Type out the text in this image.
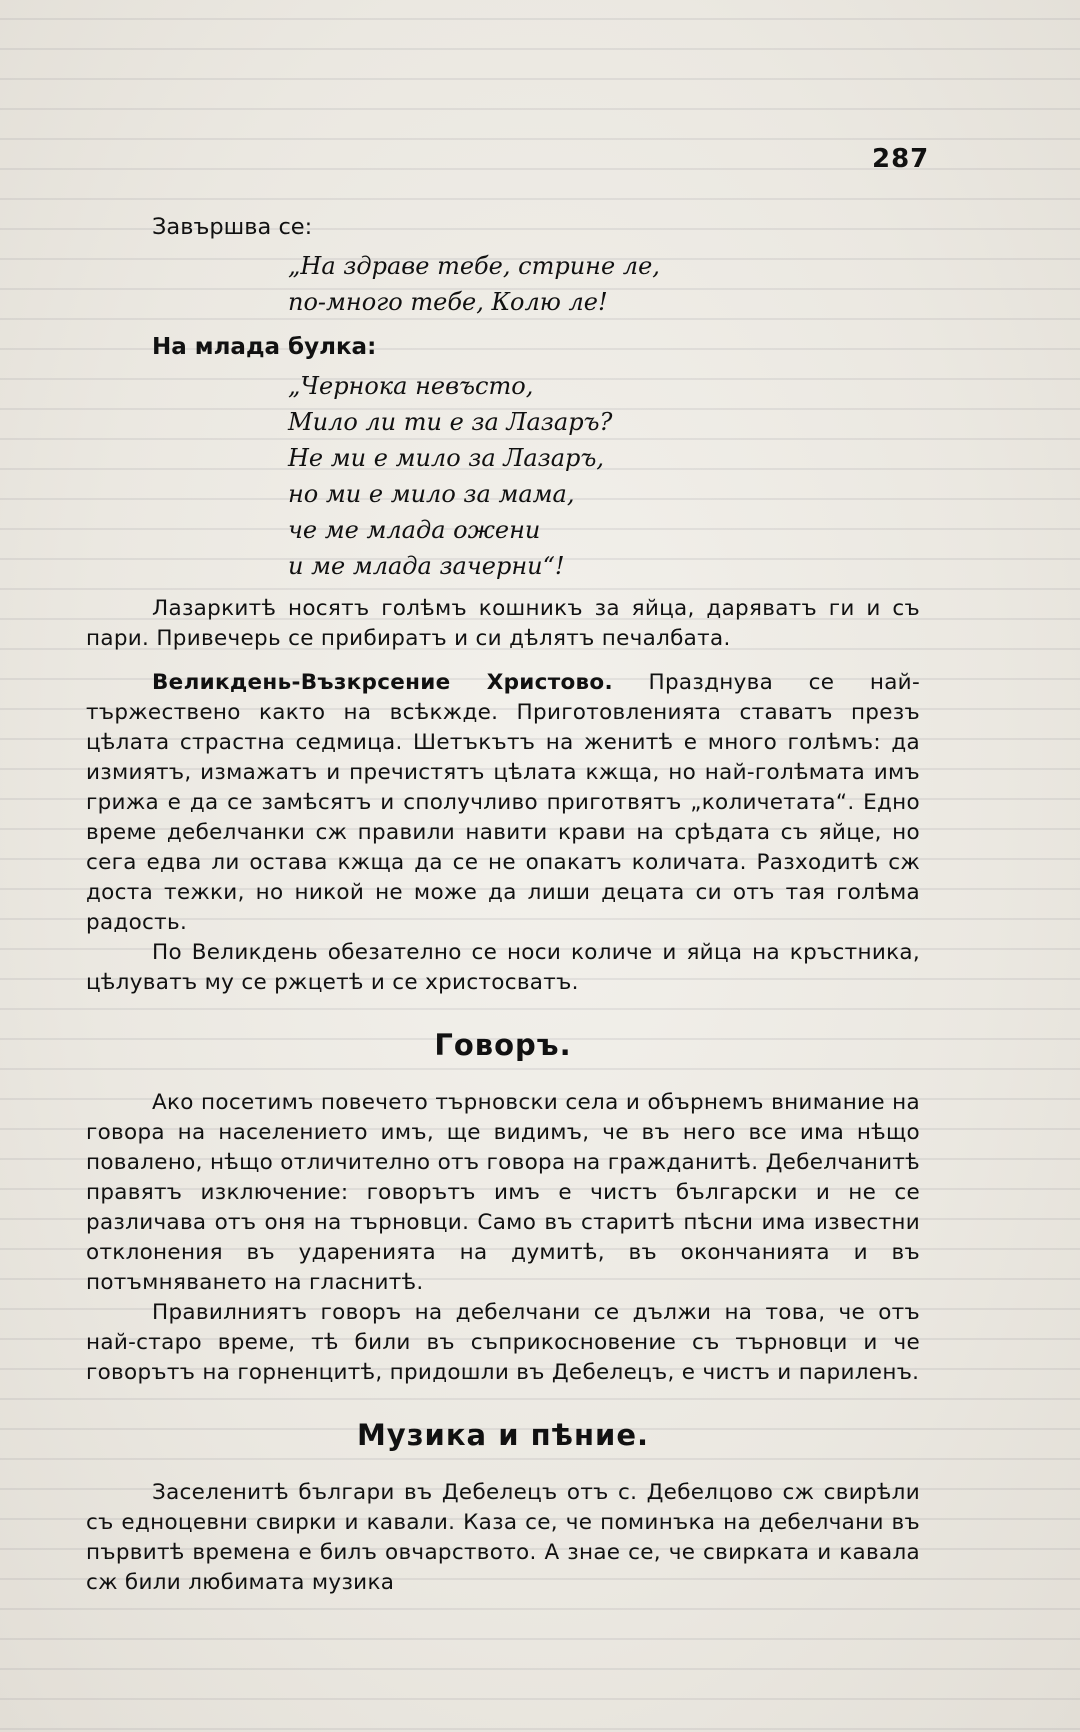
287
Завършва се:
„На здраве тебе, стрине ле,
по-много тебе, Колю ле!
На млада булка:
„Чернока невъсто,
Мило ли ти е за Лазаръ?
Не ми е мило за Лазаръ,
но ми е мило за мама,
че ме млада ожени
и ме млада зачерни“!

Лазаркитѣ носятъ голѣмъ кошникъ за яйца, даряватъ ги и съ пари. Привечерь се прибиратъ и си дѣлятъ печалбата.

Великдень-Възкрсение Христово. Празднува се най-тържествено както на всѣкжде. Приготовленията ставатъ презъ цѣлата страстна седмица. Шетъкътъ на женитѣ е много голѣмъ: да измиятъ, измажатъ и пречистятъ цѣлата кжща, но най-голѣмата имъ грижа е да се замѣсятъ и сполучливо приготвятъ „количетата“. Едно време дебелчанки сж правили навити крави на срѣдата съ яйце, но сега едва ли остава кжща да се не опакатъ количата. Разходитѣ сж доста тежки, но никой не може да лиши децата си отъ тая голѣма радость.

По Великдень обезателно се носи количе и яйца на кръстника, цѣлуватъ му се ржцетѣ и се христосватъ.

Говоръ.

Ако посетимъ повечето търновски села и обърнемъ внимание на говора на населението имъ, ще видимъ, че въ него все има нѣщо повалено, нѣщо отличително отъ говора на гражданитѣ. Дебелчанитѣ правятъ изключение: говорътъ имъ е чистъ български и не се различава отъ оня на търновци. Само въ старитѣ пѣсни има известни отклонения въ ударенията на думитѣ, въ окончанията и въ потъмняването на гласнитѣ.

Правилниятъ говоръ на дебелчани се дължи на това, че отъ най-старо време, тѣ били въ съприкосновение съ търновци и че говорътъ на горненцитѣ, придошли въ Дебелецъ, е чистъ и париленъ.

Музика и пѣние.

Заселенитѣ българи въ Дебелецъ отъ с. Дебелцово сж свирѣли съ едноцевни свирки и кавали. Каза се, че поминъка на дебелчани въ първитѣ времена е билъ овчарството. А знае се, че свирката и кавала сж били любимата музика
